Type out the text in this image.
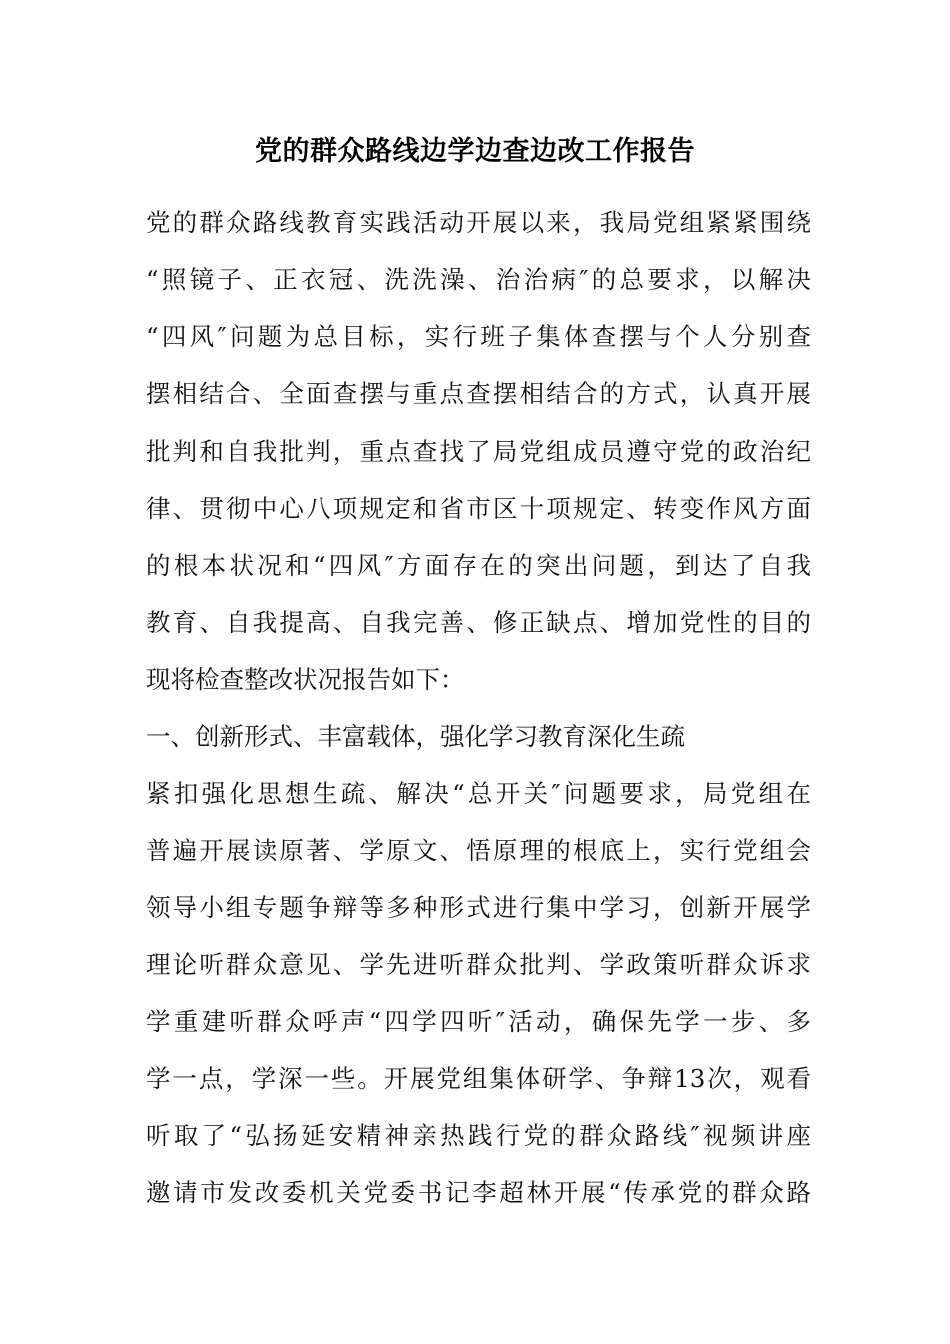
党的群众路线边学边查边改工作报告
党的群众路线教育实践活动开展以来，我局党组紧紧围绕
“照镜子、正衣冠、洗洗澡、治治病″的总要求，以解决
“四风″问题为总目标，实行班子集体查摆与个人分别查
摆相结合、全面查摆与重点查摆相结合的方式，认真开展
批判和自我批判，重点查找了局党组成员遵守党的政治纪
律、贯彻中心八项规定和省市区十项规定、转变作风方面
的根本状况和“四风″方面存在的突出问题，到达了自我
教育、自我提高、自我完善、修正缺点、增加党性的目的
现将检查整改状况报告如下：
一、创新形式、丰富载体，强化学习教育深化生疏
紧扣强化思想生疏、解决“总开关″问题要求，局党组在
普遍开展读原著、学原文、悟原理的根底上，实行党组会
领导小组专题争辩等多种形式进行集中学习，创新开展学
理论听群众意见、学先进听群众批判、学政策听群众诉求
学重建听群众呼声“四学四听″活动，确保先学一步、多
学一点，学深一些。开展党组集体研学、争辩13次，观看
听取了“弘扬延安精神亲热践行党的群众路线″视频讲座
邀请市发改委机关党委书记李超林开展“传承党的群众路
